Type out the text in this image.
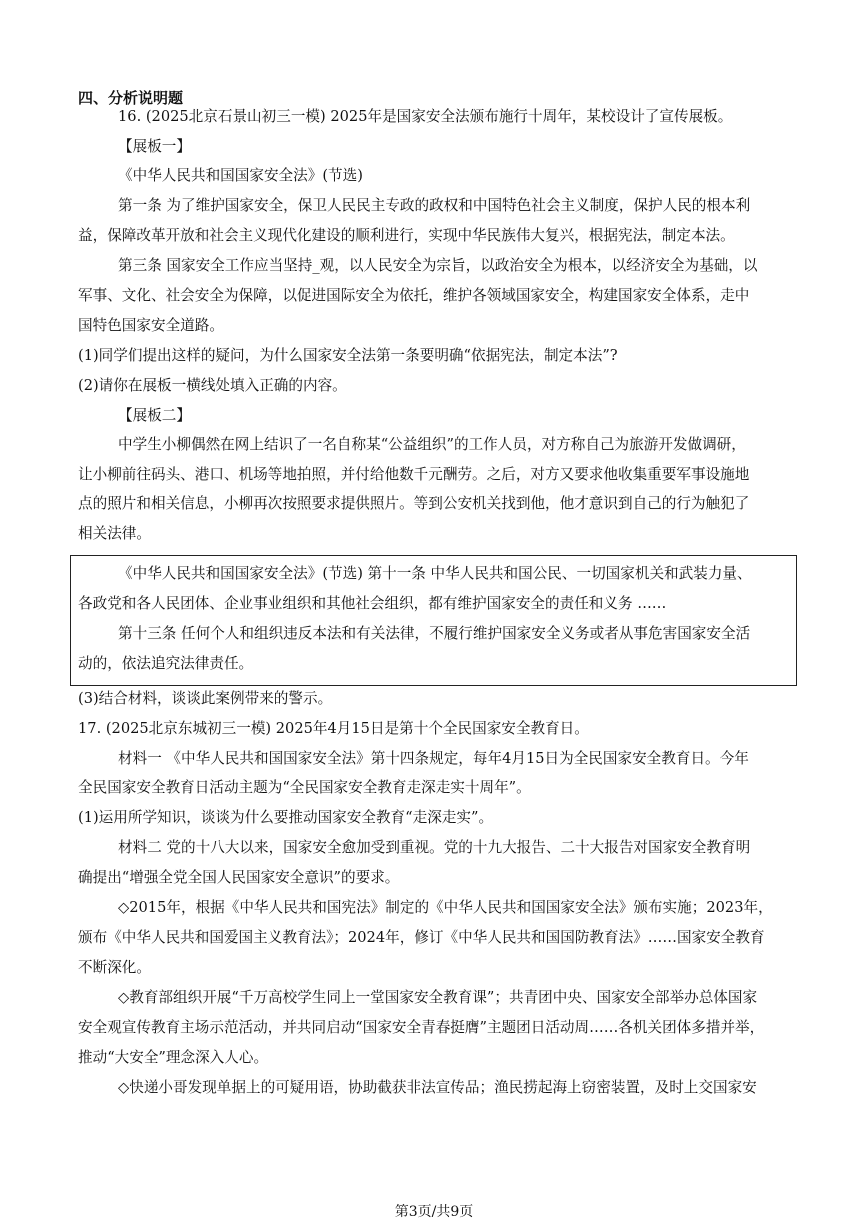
四、分析说明题
16. (2025北京石景山初三一模) 2025年是国家安全法颁布施行十周年，某校设计了宣传展板。
【展板一】
《中华人民共和国国家安全法》(节选)
第一条 为了维护国家安全，保卫人民民主专政的政权和中国特色社会主义制度，保护人民的根本利
益，保障改革开放和社会主义现代化建设的顺利进行，实现中华民族伟大复兴，根据宪法，制定本法。
第三条 国家安全工作应当坚持_观，以人民安全为宗旨，以政治安全为根本，以经济安全为基础，以
军事、文化、社会安全为保障，以促进国际安全为依托，维护各领域国家安全，构建国家安全体系，走中
国特色国家安全道路。
(1)同学们提出这样的疑问，为什么国家安全法第一条要明确“依据宪法，制定本法”?
(2)请你在展板一横线处填入正确的内容。
【展板二】
中学生小柳偶然在网上结识了一名自称某“公益组织”的工作人员，对方称自己为旅游开发做调研，
让小柳前往码头、港口、机场等地拍照，并付给他数千元酬劳。之后，对方又要求他收集重要军事设施地
点的照片和相关信息，小柳再次按照要求提供照片。等到公安机关找到他，他才意识到自己的行为触犯了
相关法律。
《中华人民共和国国家安全法》(节选) 第十一条 中华人民共和国公民、一切国家机关和武装力量、
各政党和各人民团体、企业事业组织和其他社会组织，都有维护国家安全的责任和义务 ……
第十三条 任何个人和组织违反本法和有关法律，不履行维护国家安全义务或者从事危害国家安全活
动的，依法追究法律责任。
(3)结合材料，谈谈此案例带来的警示。
17. (2025北京东城初三一模) 2025年4月15日是第十个全民国家安全教育日。
材料一 《中华人民共和国国家安全法》第十四条规定，每年4月15日为全民国家安全教育日。今年
全民国家安全教育日活动主题为“全民国家安全教育走深走实十周年”。
(1)运用所学知识，谈谈为什么要推动国家安全教育“走深走实”。
材料二 党的十八大以来，国家安全愈加受到重视。党的十九大报告、二十大报告对国家安全教育明
确提出“增强全党全国人民国家安全意识”的要求。
◇2015年，根据《中华人民共和国宪法》制定的《中华人民共和国国家安全法》颁布实施；2023年，
颁布《中华人民共和国爱国主义教育法》；2024年，修订《中华人民共和国国防教育法》……国家安全教育
不断深化。
◇教育部组织开展“千万高校学生同上一堂国家安全教育课”；共青团中央、国家安全部举办总体国家
安全观宣传教育主场示范活动，并共同启动“国家安全青春挺膺”主题团日活动周……各机关团体多措并举，
推动“大安全”理念深入人心。
◇快递小哥发现单据上的可疑用语，协助截获非法宣传品；渔民捞起海上窃密装置，及时上交国家安
第3页/共9页
